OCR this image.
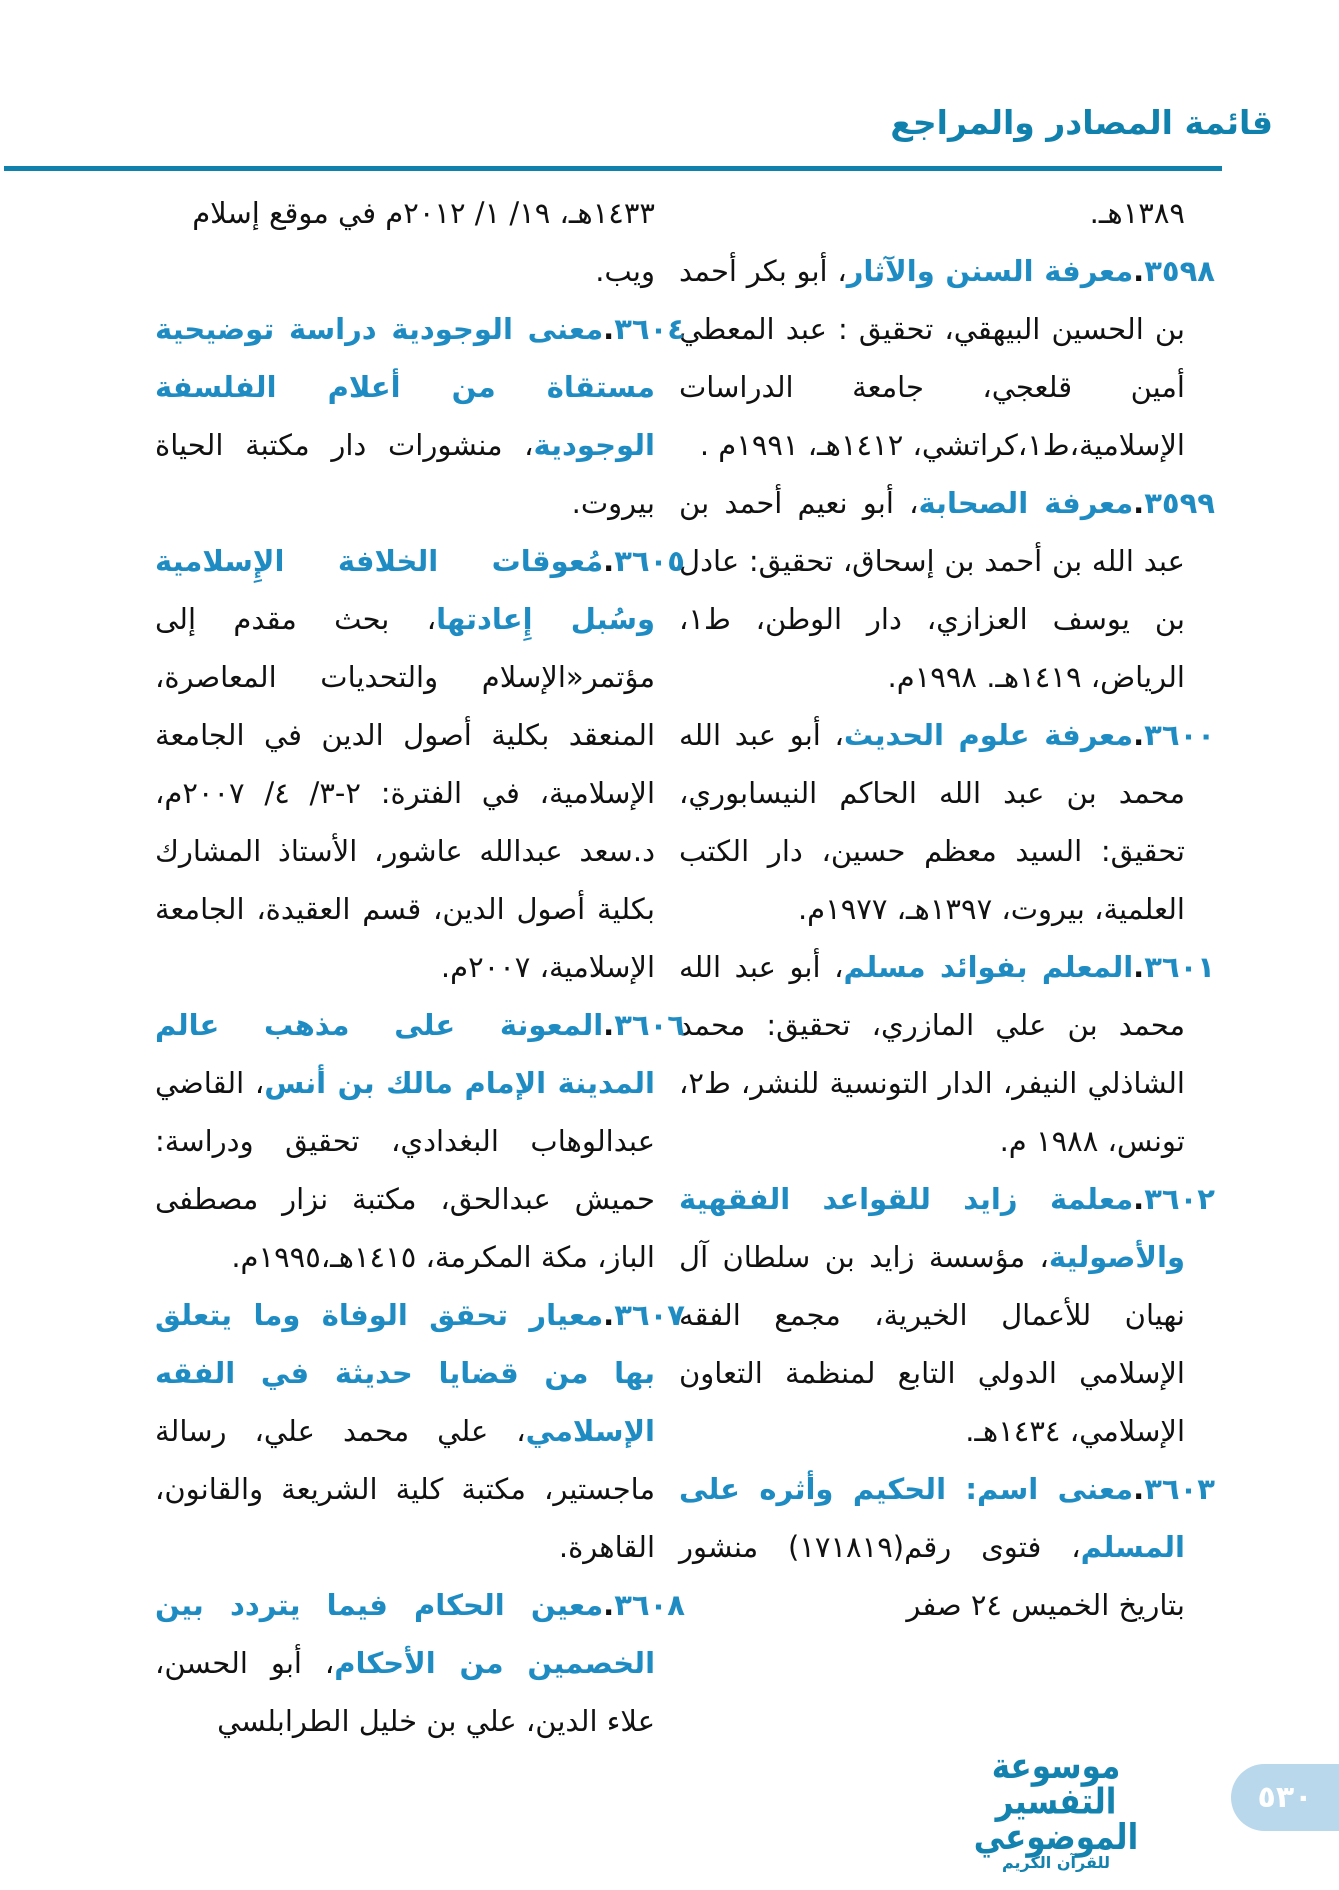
قائمة المصادر والمراجع

١٣٨٩هـ.

٣٥٩٨.معرفة السنن والآثار، أبو بكر أحمد بن الحسين البيهقي، تحقيق : عبد المعطي أمين قلعجي، جامعة الدراسات الإسلامية،ط١،كراتشي، ١٤١٢هـ، ١٩٩١م .

٣٥٩٩.معرفة الصحابة، أبو نعيم أحمد بن عبد الله بن أحمد بن إسحاق، تحقيق: عادل بن يوسف العزازي، دار الوطن، ط١، الرياض، ١٤١٩هـ. ١٩٩٨م.

٣٦٠٠.معرفة علوم الحديث، أبو عبد الله محمد بن عبد الله الحاكم النيسابوري، تحقيق: السيد معظم حسين، دار الكتب العلمية، بيروت، ١٣٩٧هـ، ١٩٧٧م.

٣٦٠١.المعلم بفوائد مسلم، أبو عبد الله محمد بن علي المازري، تحقيق: محمد الشاذلي النيفر، الدار التونسية للنشر، ط٢، تونس، ١٩٨٨ م.

٣٦٠٢.معلمة زايد للقواعد الفقهية والأصولية، مؤسسة زايد بن سلطان آل نهيان للأعمال الخيرية، مجمع الفقه الإسلامي الدولي التابع لمنظمة التعاون الإسلامي، ١٤٣٤هـ.

٣٦٠٣.معنى اسم: الحكيم وأثره على المسلم، فتوى رقم(١٧١٨١٩) منشور بتاريخ الخميس ٢٤ صفر

١٤٣٣هـ، ١٩/ ١/ ٢٠١٢م في موقع إسلام ويب.

٣٦٠٤.معنى الوجودية دراسة توضيحية مستقاة من أعلام الفلسفة الوجودية، منشورات دار مكتبة الحياة بيروت.

٣٦٠٥.مُعوقات الخلافة الإِسلامية وسُبل إِعادتها، بحث مقدم إلى مؤتمر«الإسلام والتحديات المعاصرة، المنعقد بكلية أصول الدين في الجامعة الإسلامية، في الفترة: ٢-٣/ ٤/ ٢٠٠٧م، د.سعد عبدالله عاشور، الأستاذ المشارك بكلية أصول الدين، قسم العقيدة، الجامعة الإسلامية، ٢٠٠٧م.

٣٦٠٦.المعونة على مذهب عالم المدينة الإمام مالك بن أنس، القاضي عبدالوهاب البغدادي، تحقيق ودراسة: حميش عبدالحق، مكتبة نزار مصطفى الباز، مكة المكرمة، ١٤١٥هـ،١٩٩٥م.

٣٦٠٧.معيار تحقق الوفاة وما يتعلق بها من قضايا حديثة في الفقه الإسلامي، علي محمد علي، رسالة ماجستير، مكتبة كلية الشريعة والقانون، القاهرة.

٣٦٠٨.معين الحكام فيما يتردد بين الخصمين من الأحكام، أبو الحسن، علاء الدين، علي بن خليل الطرابلسي

موسوعة التفسير الموضوعي
للقرآن الكريم
٥٣٠
